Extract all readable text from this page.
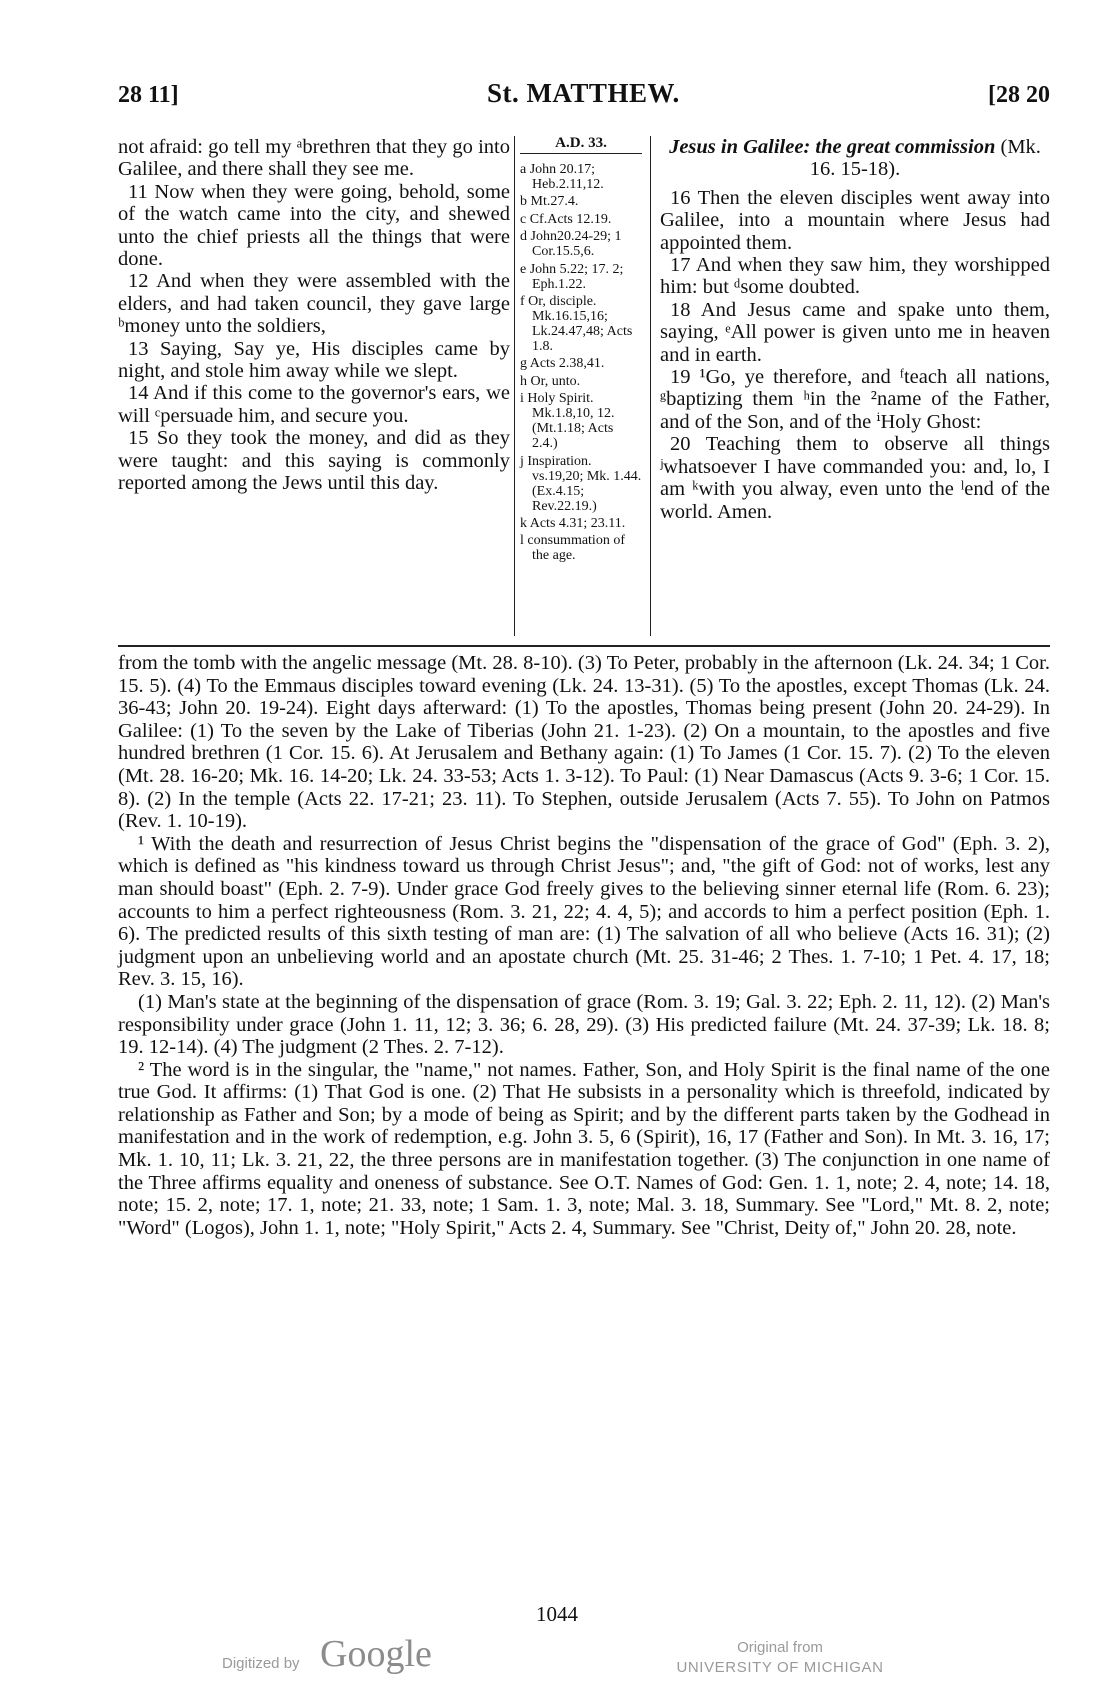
28 11]	St. MATTHEW.	[28 20

not afraid: go tell my ᵃbrethren that they go into Galilee, and there shall they see me.

11 Now when they were going, behold, some of the watch came into the city, and shewed unto the chief priests all the things that were done.

12 And when they were assembled with the elders, and had taken council, they gave large ᵇmoney unto the soldiers,

13 Saying, Say ye, His disciples came by night, and stole him away while we slept.

14 And if this come to the governor's ears, we will ᶜpersuade him, and secure you.

15 So they took the money, and did as they were taught: and this saying is commonly reported among the Jews until this day.

A.D. 33.
a John 20.17; Heb.2.11,12.
b Mt.27.4.
c Cf.Acts 12.19.
d John20.24-29; 1 Cor.15.5,6.
e John 5.22; 17. 2; Eph.1.22.
f Or, disciple. Mk.16.15,16; Lk.24.47,48; Acts 1.8.
g Acts 2.38,41.
h Or, unto.
i Holy Spirit. Mk.1.8,10, 12. (Mt.1.18; Acts 2.4.)
j Inspiration. vs.19,20; Mk. 1.44.(Ex.4.15; Rev.22.19.)
k Acts 4.31; 23.11.
l consummation of the age.

Jesus in Galilee: the great commission (Mk. 16. 15-18).

16 Then the eleven disciples went away into Galilee, into a mountain where Jesus had appointed them.

17 And when they saw him, they worshipped him: but ᵈsome doubted.

18 And Jesus came and spake unto them, saying, ᵉAll power is given unto me in heaven and in earth.

19 ¹Go, ye therefore, and ᶠteach all nations, ᵍbaptizing them ʰin the ²name of the Father, and of the Son, and of the ⁱHoly Ghost:

20 Teaching them to observe all things ʲwhatsoever I have commanded you: and, lo, I am ᵏwith you alway, even unto the ˡend of the world. Amen.

from the tomb with the angelic message (Mt. 28. 8-10). (3) To Peter, probably in the afternoon (Lk. 24. 34; 1 Cor. 15. 5). (4) To the Emmaus disciples toward evening (Lk. 24. 13-31). (5) To the apostles, except Thomas (Lk. 24. 36-43; John 20. 19-24). Eight days afterward: (1) To the apostles, Thomas being present (John 20. 24-29). In Galilee: (1) To the seven by the Lake of Tiberias (John 21. 1-23). (2) On a mountain, to the apostles and five hundred brethren (1 Cor. 15. 6). At Jerusalem and Bethany again: (1) To James (1 Cor. 15. 7). (2) To the eleven (Mt. 28. 16-20; Mk. 16. 14-20; Lk. 24. 33-53; Acts 1. 3-12). To Paul: (1) Near Damascus (Acts 9. 3-6; 1 Cor. 15. 8). (2) In the temple (Acts 22. 17-21; 23. 11). To Stephen, outside Jerusalem (Acts 7. 55). To John on Patmos (Rev. 1. 10-19).

¹ With the death and resurrection of Jesus Christ begins the "dispensation of the grace of God" (Eph. 3. 2), which is defined as "his kindness toward us through Christ Jesus"; and, "the gift of God: not of works, lest any man should boast" (Eph. 2. 7-9). Under grace God freely gives to the believing sinner eternal life (Rom. 6. 23); accounts to him a perfect righteousness (Rom. 3. 21, 22; 4. 4, 5); and accords to him a perfect position (Eph. 1. 6). The predicted results of this sixth testing of man are: (1) The salvation of all who believe (Acts 16. 31); (2) judgment upon an unbelieving world and an apostate church (Mt. 25. 31-46; 2 Thes. 1. 7-10; 1 Pet. 4. 17, 18; Rev. 3. 15, 16).

(1) Man's state at the beginning of the dispensation of grace (Rom. 3. 19; Gal. 3. 22; Eph. 2. 11, 12). (2) Man's responsibility under grace (John 1. 11, 12; 3. 36; 6. 28, 29). (3) His predicted failure (Mt. 24. 37-39; Lk. 18. 8; 19. 12-14). (4) The judgment (2 Thes. 2. 7-12).

² The word is in the singular, the "name," not names. Father, Son, and Holy Spirit is the final name of the one true God. It affirms: (1) That God is one. (2) That He subsists in a personality which is threefold, indicated by relationship as Father and Son; by a mode of being as Spirit; and by the different parts taken by the Godhead in manifestation and in the work of redemption, e.g. John 3. 5, 6 (Spirit), 16, 17 (Father and Son). In Mt. 3. 16, 17; Mk. 1. 10, 11; Lk. 3. 21, 22, the three persons are in manifestation together. (3) The conjunction in one name of the Three affirms equality and oneness of substance. See O.T. Names of God: Gen. 1. 1, note; 2. 4, note; 14. 18, note; 15. 2, note; 17. 1, note; 21. 33, note; 1 Sam. 1. 3, note; Mal. 3. 18, Summary. See "Lord," Mt. 8. 2, note; "Word" (Logos), John 1. 1, note; "Holy Spirit," Acts 2. 4, Summary. See "Christ, Deity of," John 20. 28, note.

1044
Digitized by Google	Original from
UNIVERSITY OF MICHIGAN
